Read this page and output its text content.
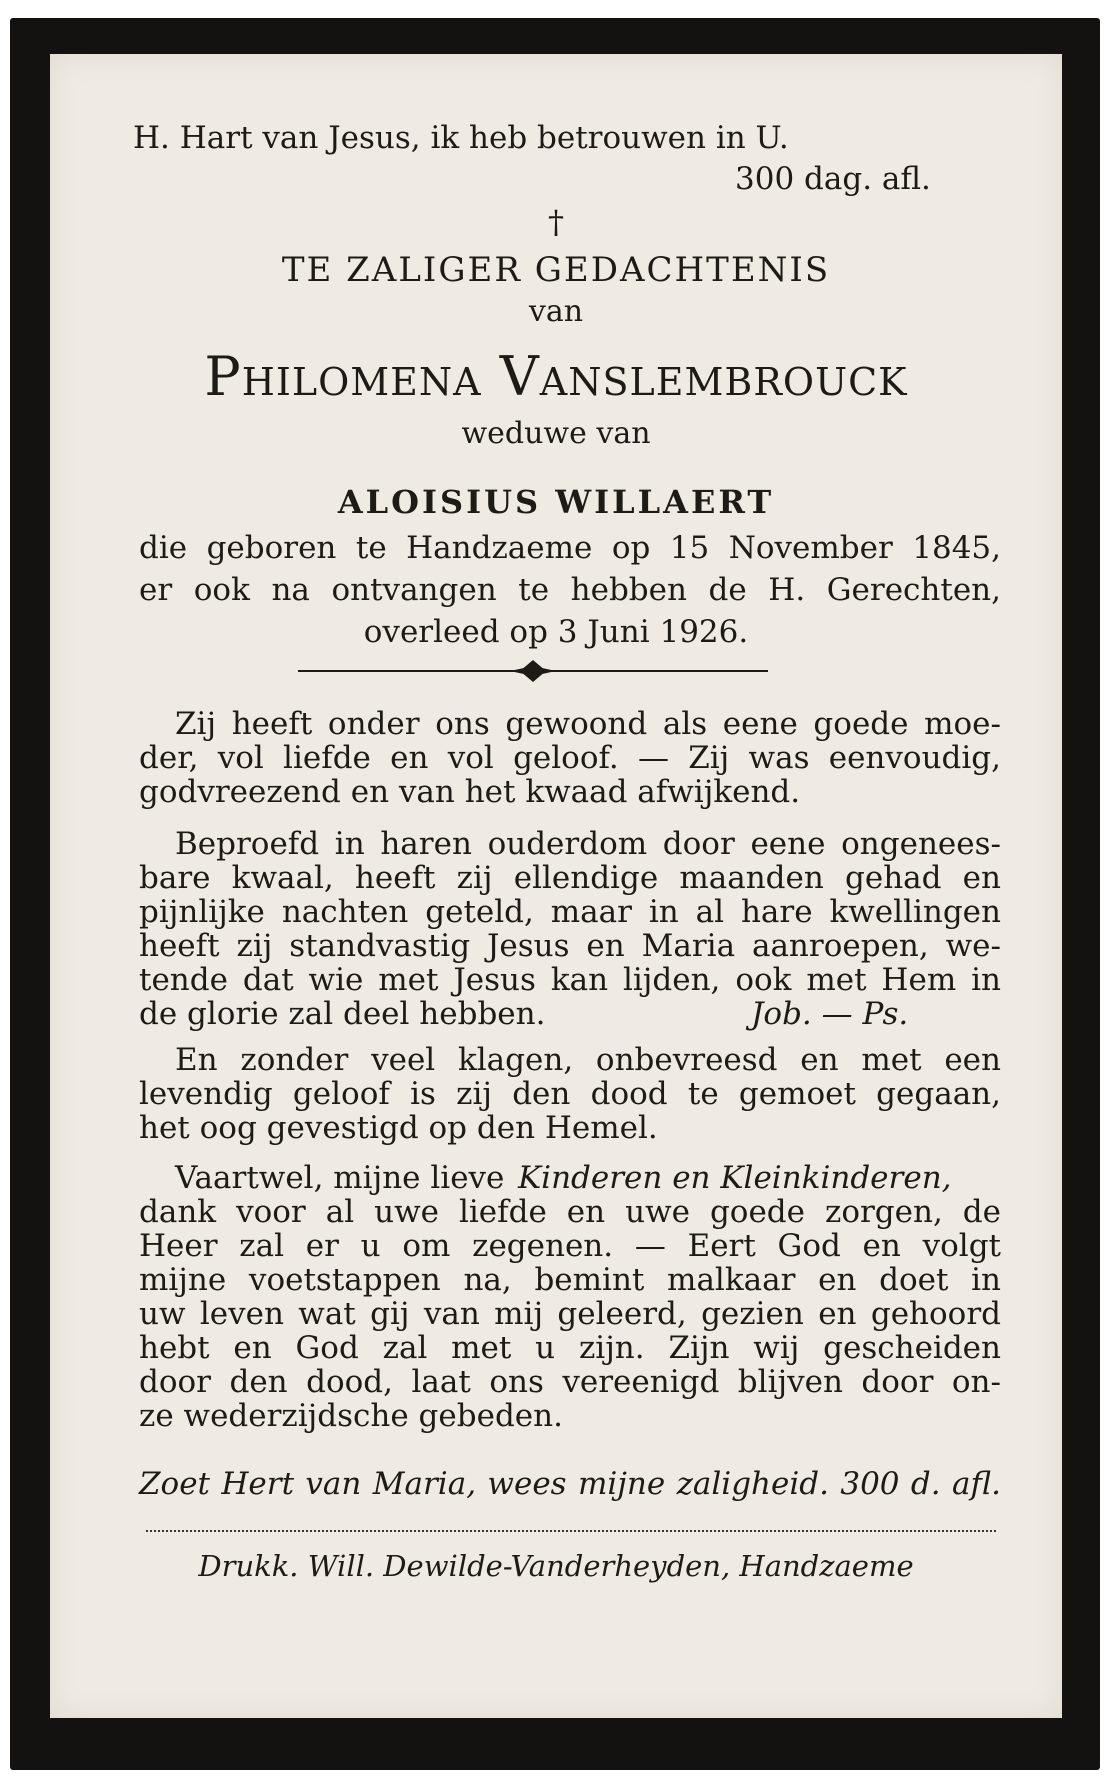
H. Hart van Jesus, ik heb betrouwen in U.

300 dag. afl.

†

TE ZALIGER GEDACHTENIS

van

Philomena Vanslembrouck

weduwe van

ALOISIUS WILLAERT

die geboren te Handzaeme op 15 November 1845,

er ook na ontvangen te hebben de H. Gerechten,

overleed op 3 Juni 1926.

Zij heeft onder ons gewoond als eene goede moe-

der, vol liefde en vol geloof. — Zij was eenvoudig,

godvreezend en van het kwaad afwijkend.

Beproefd in haren ouderdom door eene ongenees-

bare kwaal, heeft zij ellendige maanden gehad en

pijnlijke nachten geteld, maar in al hare kwellingen

heeft zij standvastig Jesus en Maria aanroepen, we-

tende dat wie met Jesus kan lijden, ook met Hem in

de glorie zal deel hebben.	Job. — Ps.

En zonder veel klagen, onbevreesd en met een

levendig geloof is zij den dood te gemoet gegaan,

het oog gevestigd op den Hemel.

Vaartwel, mijne lieve Kinderen en Kleinkinderen,

dank voor al uwe liefde en uwe goede zorgen, de

Heer zal er u om zegenen. — Eert God en volgt

mijne voetstappen na, bemint malkaar en doet in

uw leven wat gij van mij geleerd, gezien en gehoord

hebt en God zal met u zijn. Zijn wij gescheiden

door den dood, laat ons vereenigd blijven door on-

ze wederzijdsche gebeden.

Zoet Hert van Maria, wees mijne zaligheid. 300 d. afl.

Drukk. Will. Dewilde-Vanderheyden, Handzaeme
